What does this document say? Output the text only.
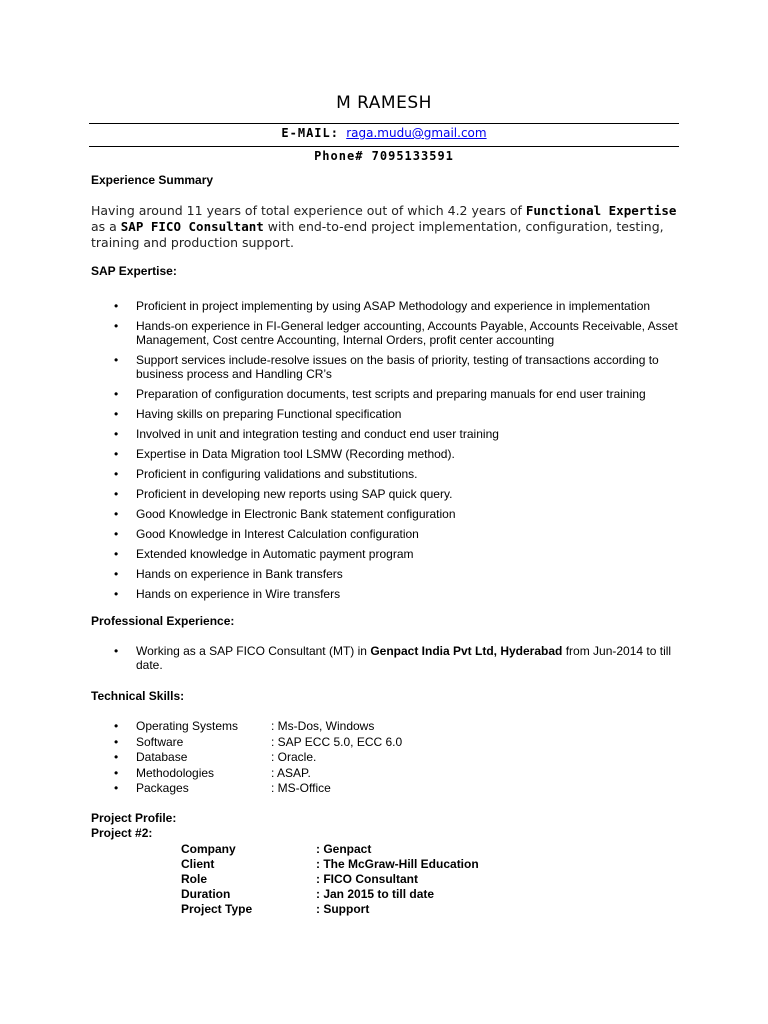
M RAMESH
E-MAIL: raga.mudu@gmail.com
Phone# 7095133591
Experience Summary
Having around 11 years of total experience out of which 4.2 years of Functional Expertise as a SAP FICO Consultant with end-to-end project implementation, configuration, testing, training and production support.
SAP Expertise:
• Proficient in project implementing by using ASAP Methodology and experience in implementation
• Hands-on experience in FI-General ledger accounting, Accounts Payable, Accounts Receivable, Asset Management, Cost centre Accounting, Internal Orders, profit center accounting
• Support services include-resolve issues on the basis of priority, testing of transactions according to business process and Handling CR’s
• Preparation of configuration documents, test scripts and preparing manuals for end user training
• Having skills on preparing Functional specification
• Involved in unit and integration testing and conduct end user training
• Expertise in Data Migration tool LSMW (Recording method).
• Proficient in configuring validations and substitutions.
• Proficient in developing new reports using SAP quick query.
• Good Knowledge in Electronic Bank statement configuration
• Good Knowledge in Interest Calculation configuration
• Extended knowledge in Automatic payment program
• Hands on experience in Bank transfers
• Hands on experience in Wire transfers
Professional Experience:
• Working as a SAP FICO Consultant (MT) in Genpact India Pvt Ltd, Hyderabad from Jun-2014 to till date.
Technical Skills:
• Operating Systems	: Ms-Dos, Windows
• Software	: SAP ECC 5.0, ECC 6.0
• Database	: Oracle.
• Methodologies	: ASAP.
• Packages	: MS-Office
Project Profile:
Project #2:
Company	: Genpact
Client	: The McGraw-Hill Education
Role	: FICO Consultant
Duration	: Jan 2015 to till date
Project Type	: Support
